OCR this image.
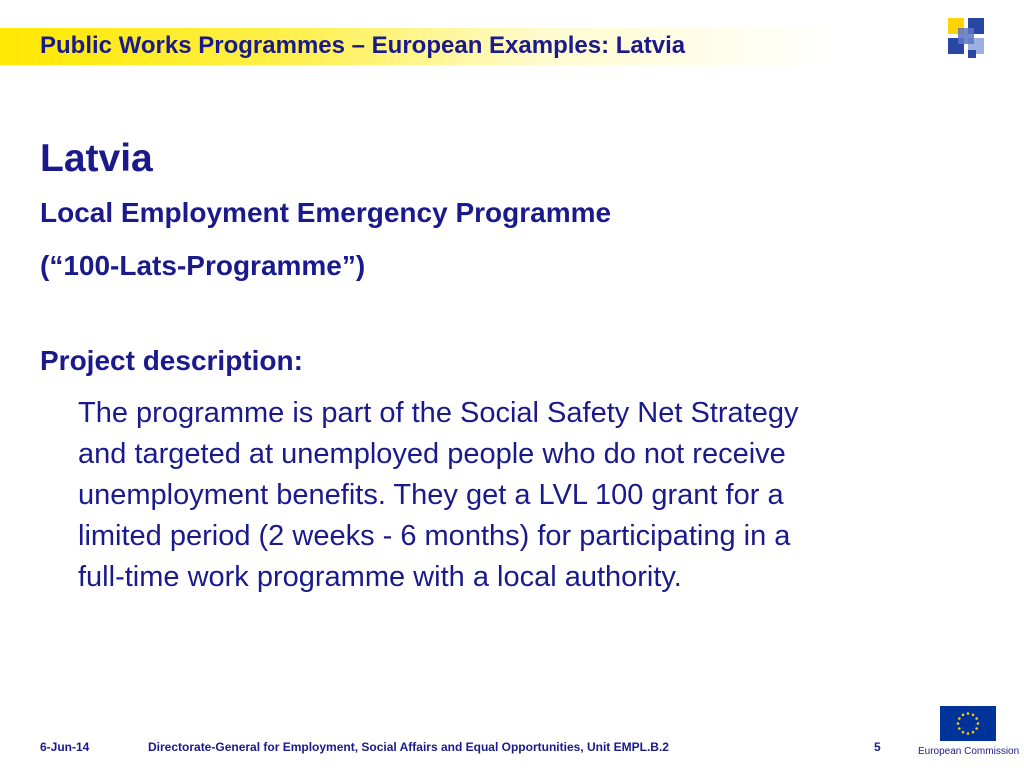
Public Works Programmes – European Examples: Latvia
Latvia
Local Employment Emergency Programme
(“100-Lats-Programme”)
Project description:
The programme is part of the Social Safety Net Strategy
and targeted at unemployed people who do not receive
unemployment benefits. They get a LVL 100 grant for a
limited period (2 weeks - 6 months) for participating in a
full-time work programme with a local authority.
6-Jun-14	Directorate-General for Employment, Social Affairs and Equal Opportunities, Unit EMPL.B.2	5	European Commission
